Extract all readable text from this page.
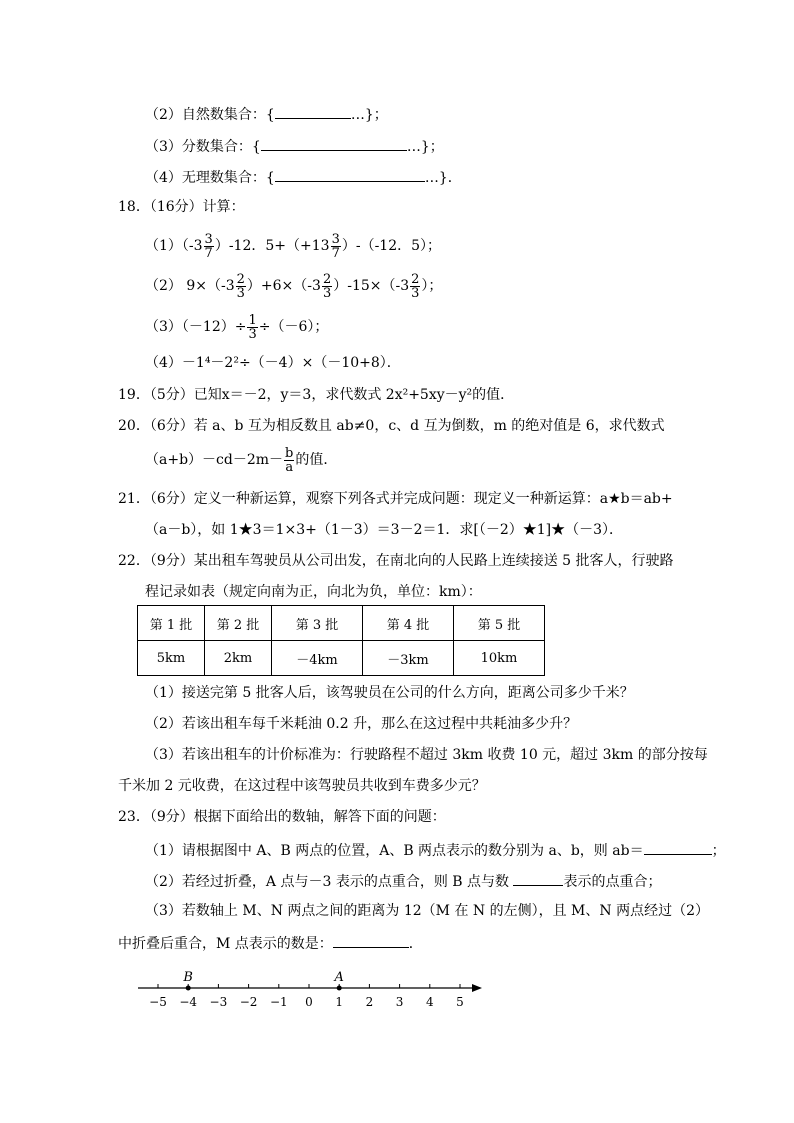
（2）自然数集合：{	…}；
（3）分数集合：{	…}；
（4）无理数集合：{	…}．
18．（16分）计算：
$(1)(-3 \frac{3}{7} )-12$．$5+(+13 \frac{3}{7} )-(-12$．5）；
（2） $9\times(-3 \frac{2}{3} )+6\times(-3 \frac{2}{3} )-15\times(-3 \frac{2}{3}$ ）；
$(3)(-12)\div \frac{1}{3} \div(-6)$；
（4）－1⁴－2²÷（－4）×（－10+8）．
19．（5分）已知x＝－2，y＝3，求代数式 2x²+5xy－y²的值．
20．（6分）若 a、b 互为相反数且 ab≠0，c、d 互为倒数，m 的绝对值是 6，求代数式
$(a+b)-cd-2m- \frac{b}{a}$ 的值．
21．（6分）定义一种新运算，观察下列各式并完成问题：现定义一种新运算：a★b＝ab+
（a－b），如 1★3＝1×3+（1－3）＝3－2＝1．求[（－2）★1]★（－3）．
22．（9分）某出租车驾驶员从公司出发，在南北向的人民路上连续接送 5 批客人，行驶路
程记录如表（规定向南为正，向北为负，单位：km）：
第 1 批	第 2 批	第 3 批	第 4 批	第 5 批
5km	2km	－4km	－3km	10km
（1）接送完第 5 批客人后，该驾驶员在公司的什么方向，距离公司多少千米？
（2）若该出租车每千米耗油 0.2 升，那么在这过程中共耗油多少升？
（3）若该出租车的计价标准为：行驶路程不超过 3km 收费 10 元，超过 3km 的部分按每
千米加 2 元收费，在这过程中该驾驶员共收到车费多少元？
23．（9分）根据下面给出的数轴，解答下面的问题：
（1）请根据图中 A、B 两点的位置，A、B 两点表示的数分别为 a、b，则 ab＝	；
（2）若经过折叠，A 点与－3 表示的点重合，则 B 点与数	表示的点重合；
（3）若数轴上 M、N 两点之间的距离为 12（M 在 N 的左侧），且 M、N 两点经过（2）
中折叠后重合，M 点表示的数是：	．
−5 −4 −3 −2 −1 0 1 2 3 4 5
A
B
